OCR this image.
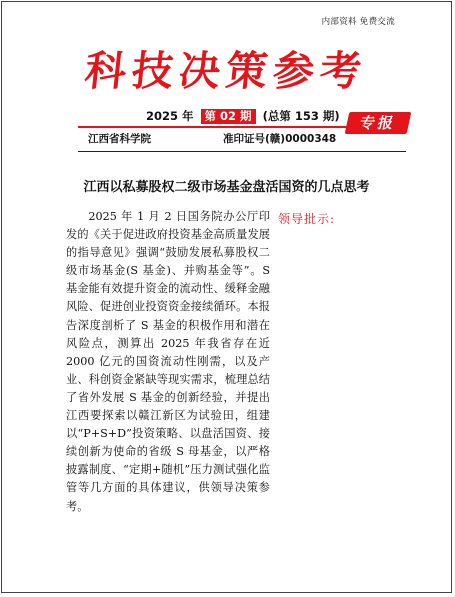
内部资料 免费交流
科技决策参考
2025 年 第 02 期 (总第 153 期)	专报
江西省科学院	准印证号(赣)0000348
江西以私募股权二级市场基金盘活国资的几点思考

2025 年 1 月 2 日国务院办公厅印发的《关于促进政府投资基金高质量发展的指导意见》强调“鼓励发展私募股权二级市场基金(S 基金)、并购基金等”。S 基金能有效提升资金的流动性、缓释金融风险、促进创业投资资金接续循环。本报告深度剖析了 S 基金的积极作用和潜在风险点，测算出 2025 年我省存在近 2000 亿元的国资流动性刚需，以及产业、科创资金紧缺等现实需求，梳理总结了省外发展 S 基金的创新经验，并提出江西要探索以赣江新区为试验田，组建以“P+S+D”投资策略、以盘活国资、接续创新为使命的省级 S 母基金，以严格披露制度、“定期+随机”压力测试强化监管等几方面的具体建议，供领导决策参考。

领导批示:
